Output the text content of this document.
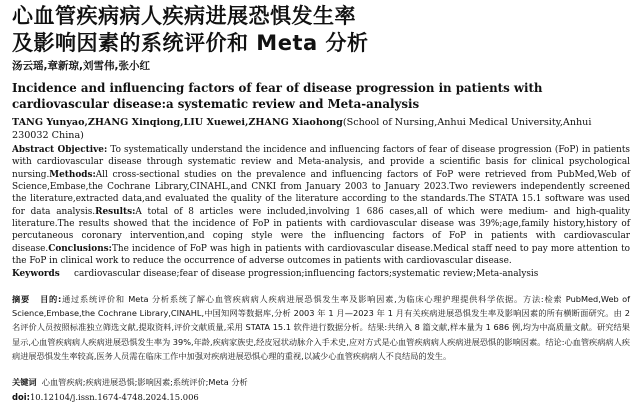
心血管疾病病人疾病进展恐惧发生率
及影响因素的系统评价和 Meta 分析
汤云瑶,章新琼,刘雪伟,张小红
Incidence and influencing factors of fear of disease progression in patients with cardiovascular disease:a systematic review and Meta-analysis
TANG Yunyao,ZHANG Xinqiong,LIU Xuewei,ZHANG Xiaohong(School of Nursing,Anhui Medical University,Anhui 230032 China)
Abstract Objective: To systematically understand the incidence and influencing factors of fear of disease progression (FoP) in patients with cardiovascular disease through systematic review and Meta-analysis, and provide a scientific basis for clinical psychological nursing.Methods:All cross-sectional studies on the prevalence and influencing factors of FoP were retrieved from PubMed,Web of Science,Embase,the Cochrane Library,CINAHL,and CNKI from January 2003 to January 2023.Two reviewers independently screened the literature,extracted data,and evaluated the quality of the literature according to the standards.The STATA 15.1 software was used for data analysis.Results:A total of 8 articles were included,involving 1 686 cases,all of which were medium- and high-quality literature.The results showed that the incidence of FoP in patients with cardiovascular disease was 39%;age,family history,history of percutaneous coronary intervention,and coping style were the influencing factors of FoP in patients with cardiovascular disease.Conclusions:The incidence of FoP was high in patients with cardiovascular disease.Medical staff need to pay more attention to the FoP in clinical work to reduce the occurrence of adverse outcomes in patients with cardiovascular disease.
Keywords cardiovascular disease;fear of disease progression;influencing factors;systematic review;Meta-analysis
摘要 目的:通过系统评价和 Meta 分析系统了解心血管疾病病人疾病进展恐惧发生率及影响因素,为临床心理护理提供科学依据。方法:检索 PubMed,Web of Science,Embase,the Cochrane Library,CINAHL,中国知网等数据库,分析 2003 年 1 月—2023 年 1 月有关疾病进展恐惧发生率及影响因素的所有横断面研究。由 2 名评价人员按照标准独立筛选文献,提取资料,评价文献质量,采用 STATA 15.1 软件进行数据分析。结果:共纳入 8 篇文献,样本量为 1 686 例,均为中高质量文献。研究结果显示,心血管疾病病人疾病进展恐惧发生率为 39%,年龄,疾病家族史,经皮冠状动脉介入手术史,应对方式是心血管疾病病人疾病进展恐惧的影响因素。结论:心血管疾病病人疾病进展恐惧发生率较高,医务人员需在临床工作中加强对疾病进展恐惧心理的重视,以减少心血管疾病病人不良结局的发生。
关键词 心血管疾病;疾病进展恐惧;影响因素;系统评价;Meta 分析
doi:10.12104/j.issn.1674-4748.2024.15.006
